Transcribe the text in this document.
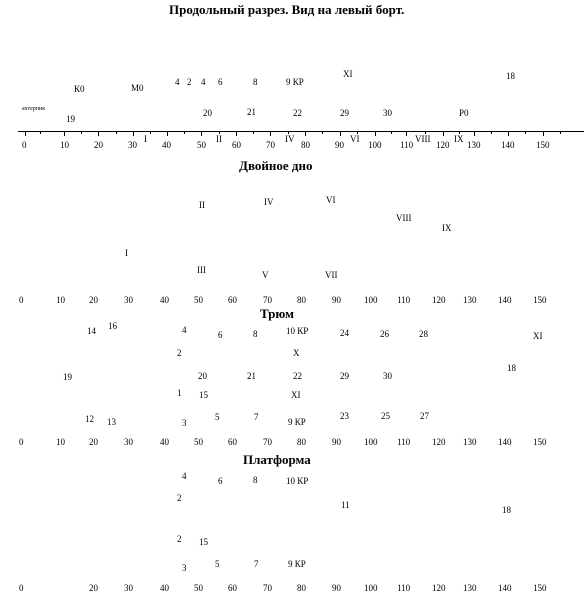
Продольный разрез. Вид на левый борт.
ахтерпик
К0	М0
4 2 4 6	8	9 КР
XI	18
19
20	21	22	29	30	Р0
I	II	IV	VI	VIII	IX
0	10	20	30	40	50	60	70	80	90	100 110	120 130 140 150
Двойное дно
II	IV	VI
VIII
IX
I
III	V	VII
0	10	20	30	40	50	60	70	80	90	100 110 120 130 140 150
Трюм
14 16	4	6	8	10 КР	24	26	28	XI
2	X
18
19	20	21	22	29	30
1 15	XI
12 13	3
5	7	9 КР
23	25	27
0	10	20	30	40	50	60	70	80	90	100 110 120 130 140 150
Платформа
4	6	8	10 КР
2
11	18
2 15
3	5	7	9 КР
0	20	30	40	50	60	70	80	90	100 110 120 130 140 150
